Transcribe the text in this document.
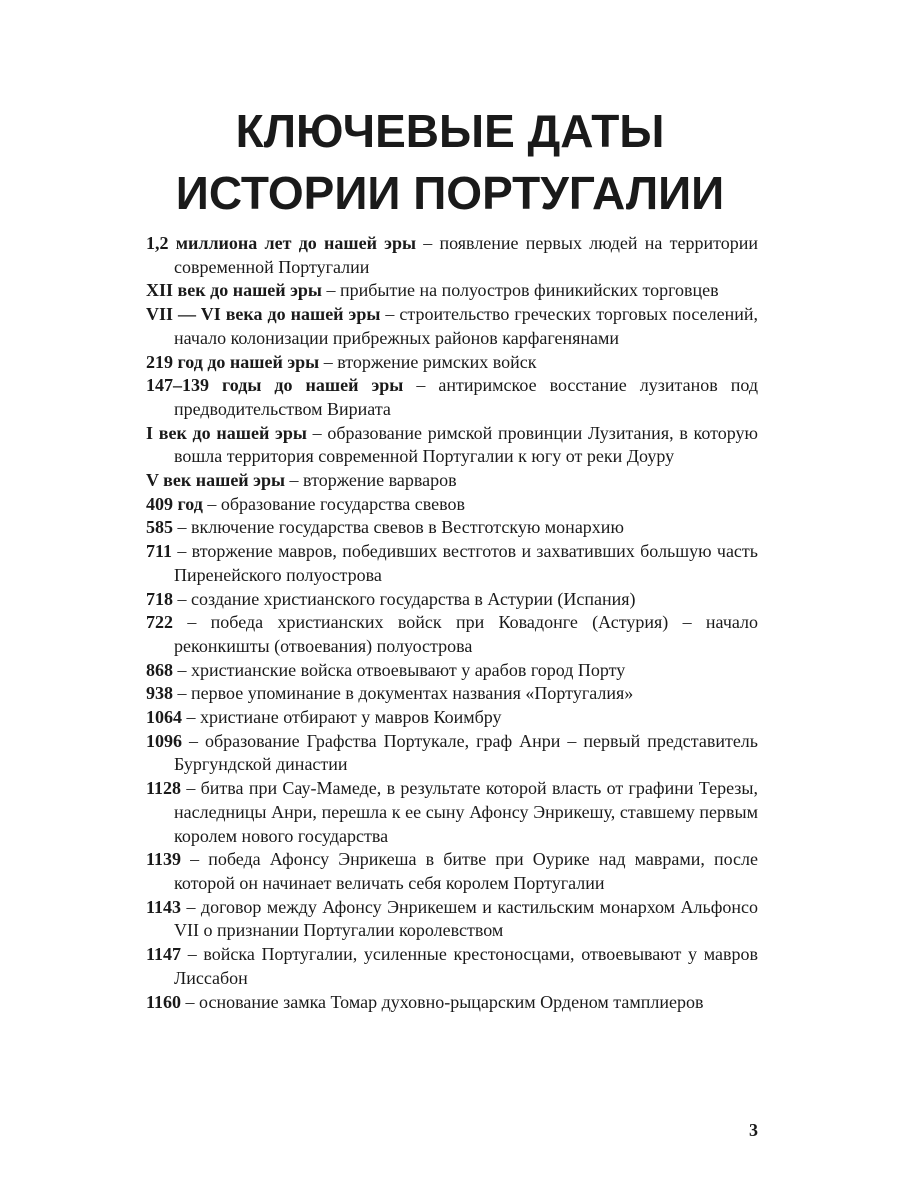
КЛЮЧЕВЫЕ ДАТЫ
ИСТОРИИ ПОРТУГАЛИИ
1,2 миллиона лет до нашей эры – появление первых людей на территории современной Португалии
XII век до нашей эры – прибытие на полуостров финикийских торговцев
VII — VI века до нашей эры – строительство греческих торговых поселений, начало колонизации прибрежных районов карфагенянами
219 год до нашей эры – вторжение римских войск
147–139 годы до нашей эры – антиримское восстание лузитанов под предводительством Вириата
I век до нашей эры – образование римской провинции Лузитания, в которую вошла территория современной Португалии к югу от реки Доуру
V век нашей эры – вторжение варваров
409 год – образование государства свевов
585 – включение государства свевов в Вестготскую монархию
711 – вторжение мавров, победивших вестготов и захвативших большую часть Пиренейского полуострова
718 – создание христианского государства в Астурии (Испания)
722 – победа христианских войск при Ковадонге (Астурия) – начало реконкишты (отвоевания) полуострова
868 – христианские войска отвоевывают у арабов город Порту
938 – первое упоминание в документах названия «Португалия»
1064 – христиане отбирают у мавров Коимбру
1096 – образование Графства Портукале, граф Анри – первый представитель Бургундской династии
1128 – битва при Сау-Мамеде, в результате которой власть от графини Терезы, наследницы Анри, перешла к ее сыну Афонсу Энрикешу, ставшему первым королем нового государства
1139 – победа Афонсу Энрикеша в битве при Оурике над маврами, после которой он начинает величать себя королем Португалии
1143 – договор между Афонсу Энрикешем и кастильским монархом Альфонсо VII о признании Португалии королевством
1147 – войска Португалии, усиленные крестоносцами, отвоевывают у мавров Лиссабон
1160 – основание замка Томар духовно-рыцарским Орденом тамплиеров
3
